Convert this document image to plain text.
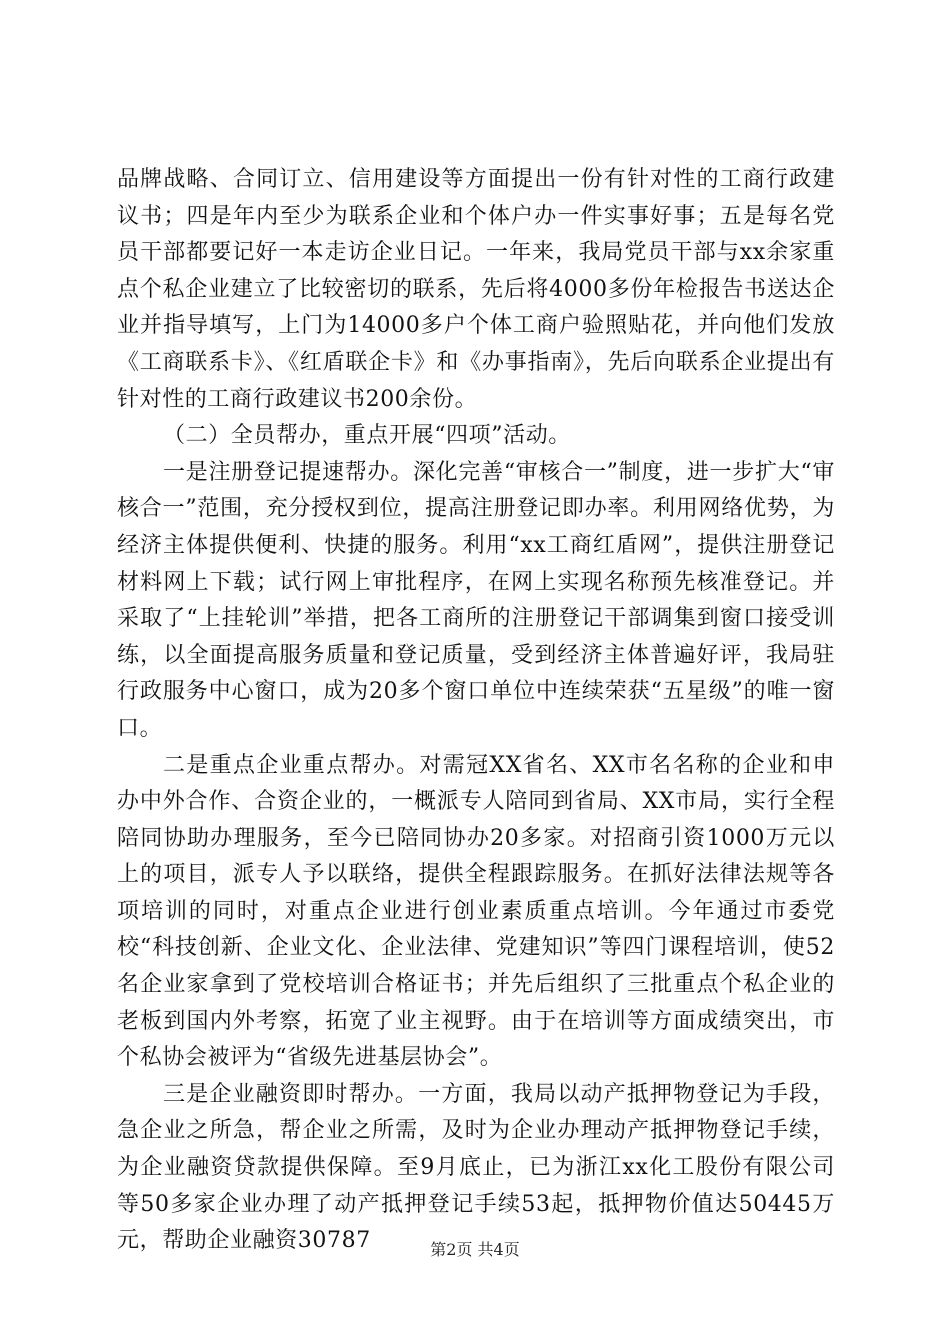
品牌战略、合同订立、信用建设等方面提出一份有针对性的工商行政建议书；四是年内至少为联系企业和个体户办一件实事好事；五是每名党员干部都要记好一本走访企业日记。一年来，我局党员干部与xx余家重点个私企业建立了比较密切的联系，先后将4000多份年检报告书送达企业并指导填写，上门为14000多户个体工商户验照贴花，并向他们发放《工商联系卡》、《红盾联企卡》和《办事指南》，先后向联系企业提出有针对性的工商行政建议书200余份。

（二）全员帮办，重点开展“四项”活动。

一是注册登记提速帮办。深化完善“审核合一”制度，进一步扩大“审核合一”范围，充分授权到位，提高注册登记即办率。利用网络优势，为经济主体提供便利、快捷的服务。利用“xx工商红盾网”，提供注册登记材料网上下载；试行网上审批程序，在网上实现名称预先核准登记。并采取了“上挂轮训”举措，把各工商所的注册登记干部调集到窗口接受训练，以全面提高服务质量和登记质量，受到经济主体普遍好评，我局驻行政服务中心窗口，成为20多个窗口单位中连续荣获“五星级”的唯一窗口。

二是重点企业重点帮办。对需冠XX省名、XX市名名称的企业和申办中外合作、合资企业的，一概派专人陪同到省局、XX市局，实行全程陪同协助办理服务，至今已陪同协办20多家。对招商引资1000万元以上的项目，派专人予以联络，提供全程跟踪服务。在抓好法律法规等各项培训的同时，对重点企业进行创业素质重点培训。今年通过市委党校“科技创新、企业文化、企业法律、党建知识”等四门课程培训，使52名企业家拿到了党校培训合格证书；并先后组织了三批重点个私企业的老板到国内外考察，拓宽了业主视野。由于在培训等方面成绩突出，市个私协会被评为“省级先进基层协会”。

三是企业融资即时帮办。一方面，我局以动产抵押物登记为手段，急企业之所急，帮企业之所需，及时为企业办理动产抵押物登记手续，为企业融资贷款提供保障。至9月底止，已为浙江xx化工股份有限公司等50多家企业办理了动产抵押登记手续53起，抵押物价值达50445万元，帮助企业融资30787	第2页 共4页
